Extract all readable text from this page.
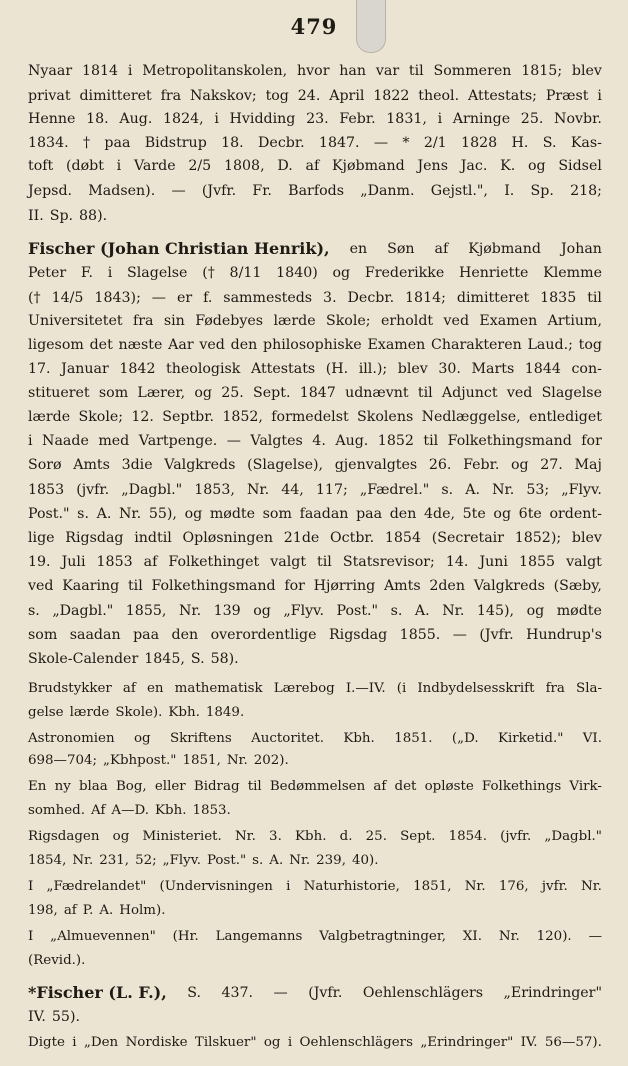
479
Nyaar 1814 i Metropolitanskolen, hvor han var til Sommeren 1815; blev
privat dimitteret fra Nakskov; tog 24. April 1822 theol. Attestats; Præst i
Henne 18. Aug. 1824, i Hvidding 23. Febr. 1831, i Arninge 25. Novbr.
1834. † paa Bidstrup 18. Decbr. 1847. — * 2/1 1828 H. S. Kas-
toft (døbt i Varde 2/5 1808, D. af Kjøbmand Jens Jac. K. og Sidsel
Jepsd. Madsen). — (Jvfr. Fr. Barfods „Danm. Gejstl.", I. Sp. 218;
II. Sp. 88).
Fischer (Johan Christian Henrik), en Søn af Kjøbmand Johan
Peter F. i Slagelse († 8/11 1840) og Frederikke Henriette Klemme
(† 14/5 1843); — er f. sammesteds 3. Decbr. 1814; dimitteret 1835 til
Universitetet fra sin Fødebyes lærde Skole; erholdt ved Examen Artium,
ligesom det næste Aar ved den philosophiske Examen Charakteren Laud.; tog
17. Januar 1842 theologisk Attestats (H. ill.); blev 30. Marts 1844 con-
stitueret som Lærer, og 25. Sept. 1847 udnævnt til Adjunct ved Slagelse
lærde Skole; 12. Septbr. 1852, formedelst Skolens Nedlæggelse, entlediget
i Naade med Vartpenge. — Valgtes 4. Aug. 1852 til Folkethingsmand for
Sorø Amts 3die Valgkreds (Slagelse), gjenvalgtes 26. Febr. og 27. Maj
1853 (jvfr. „Dagbl." 1853, Nr. 44, 117; „Fædrel." s. A. Nr. 53; „Flyv.
Post." s. A. Nr. 55), og mødte som faadan paa den 4de, 5te og 6te ordent-
lige Rigsdag indtil Opløsningen 21de Octbr. 1854 (Secretair 1852); blev
19. Juli 1853 af Folkethinget valgt til Statsrevisor; 14. Juni 1855 valgt
ved Kaaring til Folkethingsmand for Hjørring Amts 2den Valgkreds (Sæby,
s. „Dagbl." 1855, Nr. 139 og „Flyv. Post." s. A. Nr. 145), og mødte
som saadan paa den overordentlige Rigsdag 1855. — (Jvfr. Hundrup's
Skole-Calender 1845, S. 58).
Brudstykker af en mathematisk Lærebog I.—IV. (i Indbydelsesskrift fra Sla-
gelse lærde Skole). Kbh. 1849.
Astronomien og Skriftens Auctoritet. Kbh. 1851. („D. Kirketid." VI.
698—704; „Kbhpost." 1851, Nr. 202).
En ny blaa Bog, eller Bidrag til Bedømmelsen af det opløste Folkethings Virk-
somhed. Af A—D. Kbh. 1853.
Rigsdagen og Ministeriet. Nr. 3. Kbh. d. 25. Sept. 1854. (jvfr. „Dagbl."
1854, Nr. 231, 52; „Flyv. Post." s. A. Nr. 239, 40).
I „Fædrelandet" (Undervisningen i Naturhistorie, 1851, Nr. 176, jvfr. Nr.
198, af P. A. Holm).
I „Almuevennen" (Hr. Langemanns Valgbetragtninger, XI. Nr. 120). —
(Revid.).
*Fischer (L. F.), S. 437. — (Jvfr. Oehlenschlägers „Erindringer"
IV. 55).
Digte i „Den Nordiske Tilskuer" og i Oehlenschlägers „Erindringer" IV. 56—57).
